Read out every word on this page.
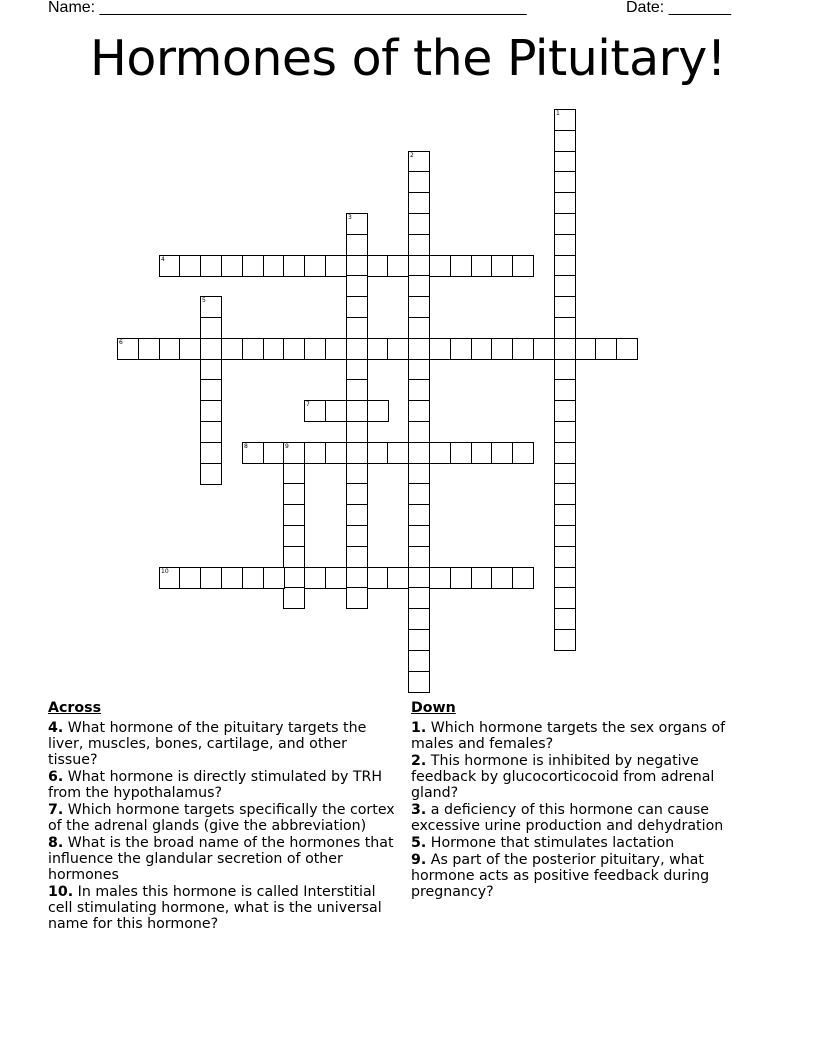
Name: ________________________________________________	Date: _______
Hormones of the Pituitary!
1
2
3
4
5
6
7
8	9
10
Across
4. What hormone of the pituitary targets the liver, muscles, bones, cartilage, and other tissue?
6. What hormone is directly stimulated by TRH from the hypothalamus?
7. Which hormone targets specifically the cortex of the adrenal glands (give the abbreviation)
8. What is the broad name of the hormones that influence the glandular secretion of other hormones
10. In males this hormone is called Interstitial cell stimulating hormone, what is the universal name for this hormone?
Down
1. Which hormone targets the sex organs of males and females?
2. This hormone is inhibited by negative feedback by glucocorticocoid from adrenal gland?
3. a deficiency of this hormone can cause excessive urine production and dehydration
5. Hormone that stimulates lactation
9. As part of the posterior pituitary, what hormone acts as positive feedback during pregnancy?
